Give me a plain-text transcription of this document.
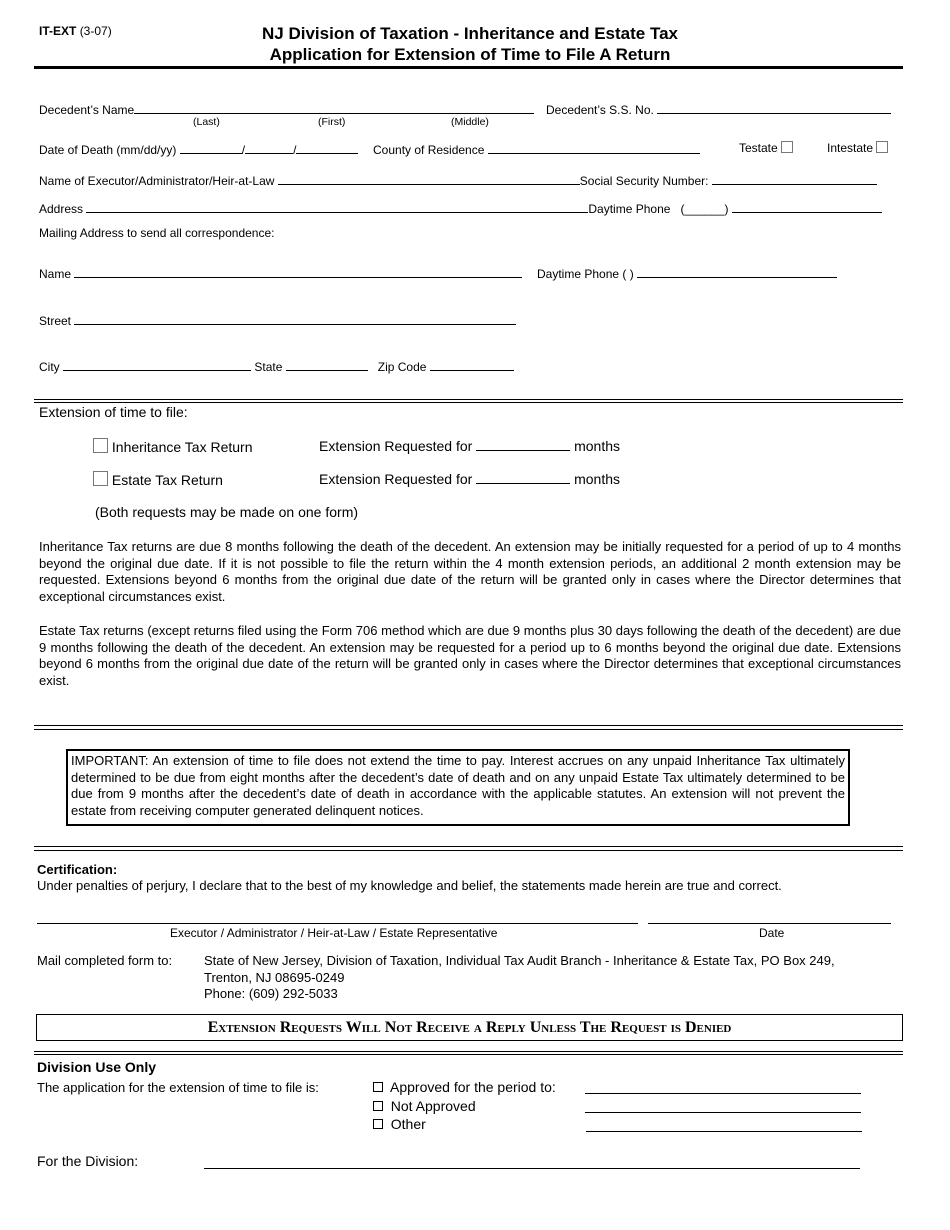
IT-EXT (3-07)	NJ Division of Taxation - Inheritance and Estate Tax
Application for Extension of Time to File A Return
Decedent’s Name
(Last)	(First)	(Middle)
Decedent’s S.S. No.
Date of Death (mm/dd/yy)	/	/	County of Residence	Testate	Intestate
Name of Executor/Administrator/Heir-at-Law	Social Security Number:
Address	Daytime Phone (______)
Mailing Address to send all correspondence:
Name	Daytime Phone ( )
Street
City	State	Zip Code
Extension of time to file:
Inheritance Tax Return	Extension Requested for	months
Estate Tax Return	Extension Requested for	months
(Both requests may be made on one form)
Inheritance Tax returns are due 8 months following the death of the decedent. An extension may be initially requested for a period of up to 4 months beyond the original due date. If it is not possible to file the return within the 4 month extension periods, an additional 2 month extension may be requested. Extensions beyond 6 months from the original due date of the return will be granted only in cases where the Director determines that exceptional circumstances exist.
Estate Tax returns (except returns filed using the Form 706 method which are due 9 months plus 30 days following the death of the decedent) are due 9 months following the death of the decedent. An extension may be requested for a period up to 6 months beyond the original due date. Extensions beyond 6 months from the original due date of the return will be granted only in cases where the Director determines that exceptional circumstances exist.
IMPORTANT: An extension of time to file does not extend the time to pay. Interest accrues on any unpaid Inheritance Tax ultimately determined to be due from eight months after the decedent’s date of death and on any unpaid Estate Tax ultimately determined to be due from 9 months after the decedent’s date of death in accordance with the applicable statutes. An extension will not prevent the estate from receiving computer generated delinquent notices.
Certification:
Under penalties of perjury, I declare that to the best of my knowledge and belief, the statements made herein are true and correct.
Executor / Administrator / Heir-at-Law / Estate Representative	Date
Mail completed form to: State of New Jersey, Division of Taxation, Individual Tax Audit Branch - Inheritance & Estate Tax, PO Box 249,
Trenton, NJ 08695-0249
Phone: (609) 292-5033
Extension Requests Will Not Receive a Reply Unless The Request is Denied
Division Use Only
The application for the extension of time to file is:	Approved for the period to:
Not Approved
Other
For the Division:
